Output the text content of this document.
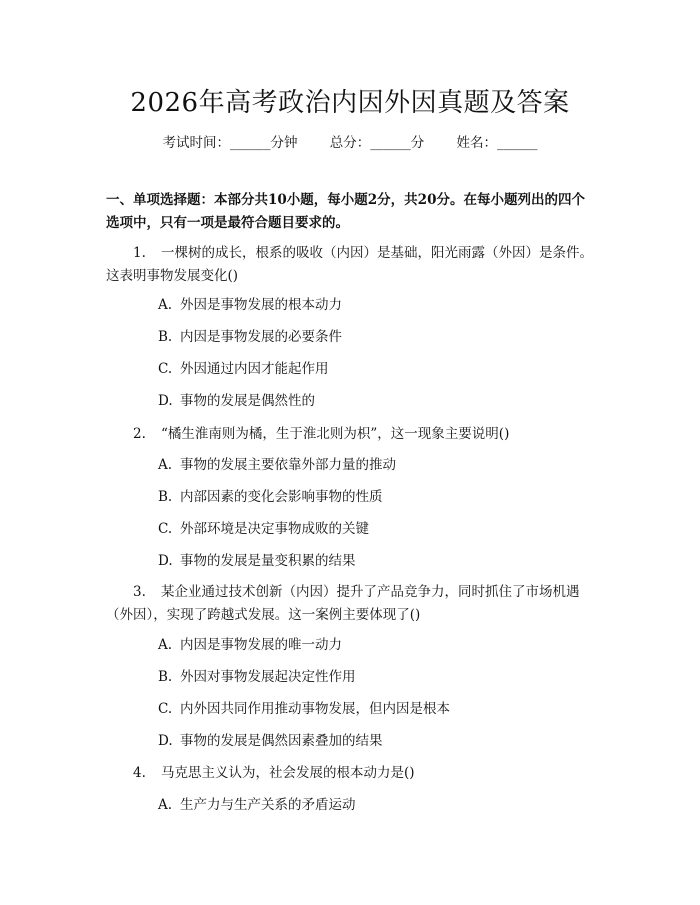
2026年高考政治内因外因真题及答案
考试时间：______分钟 总分：______分 姓名：______
一、单项选择题：本部分共10小题，每小题2分，共20分。在每小题列出的四个选项中，只有一项是最符合题目要求的。
1. 一棵树的成长，根系的吸收（内因）是基础，阳光雨露（外因）是条件。这表明事物发展变化()
A. 外因是事物发展的根本动力
B. 内因是事物发展的必要条件
C. 外因通过内因才能起作用
D. 事物的发展是偶然性的
2. “橘生淮南则为橘，生于淮北则为枳”，这一现象主要说明()
A. 事物的发展主要依靠外部力量的推动
B. 内部因素的变化会影响事物的性质
C. 外部环境是决定事物成败的关键
D. 事物的发展是量变积累的结果
3. 某企业通过技术创新（内因）提升了产品竞争力，同时抓住了市场机遇（外因），实现了跨越式发展。这一案例主要体现了()
A. 内因是事物发展的唯一动力
B. 外因对事物发展起决定性作用
C. 内外因共同作用推动事物发展，但内因是根本
D. 事物的发展是偶然因素叠加的结果
4. 马克思主义认为，社会发展的根本动力是()
A. 生产力与生产关系的矛盾运动
